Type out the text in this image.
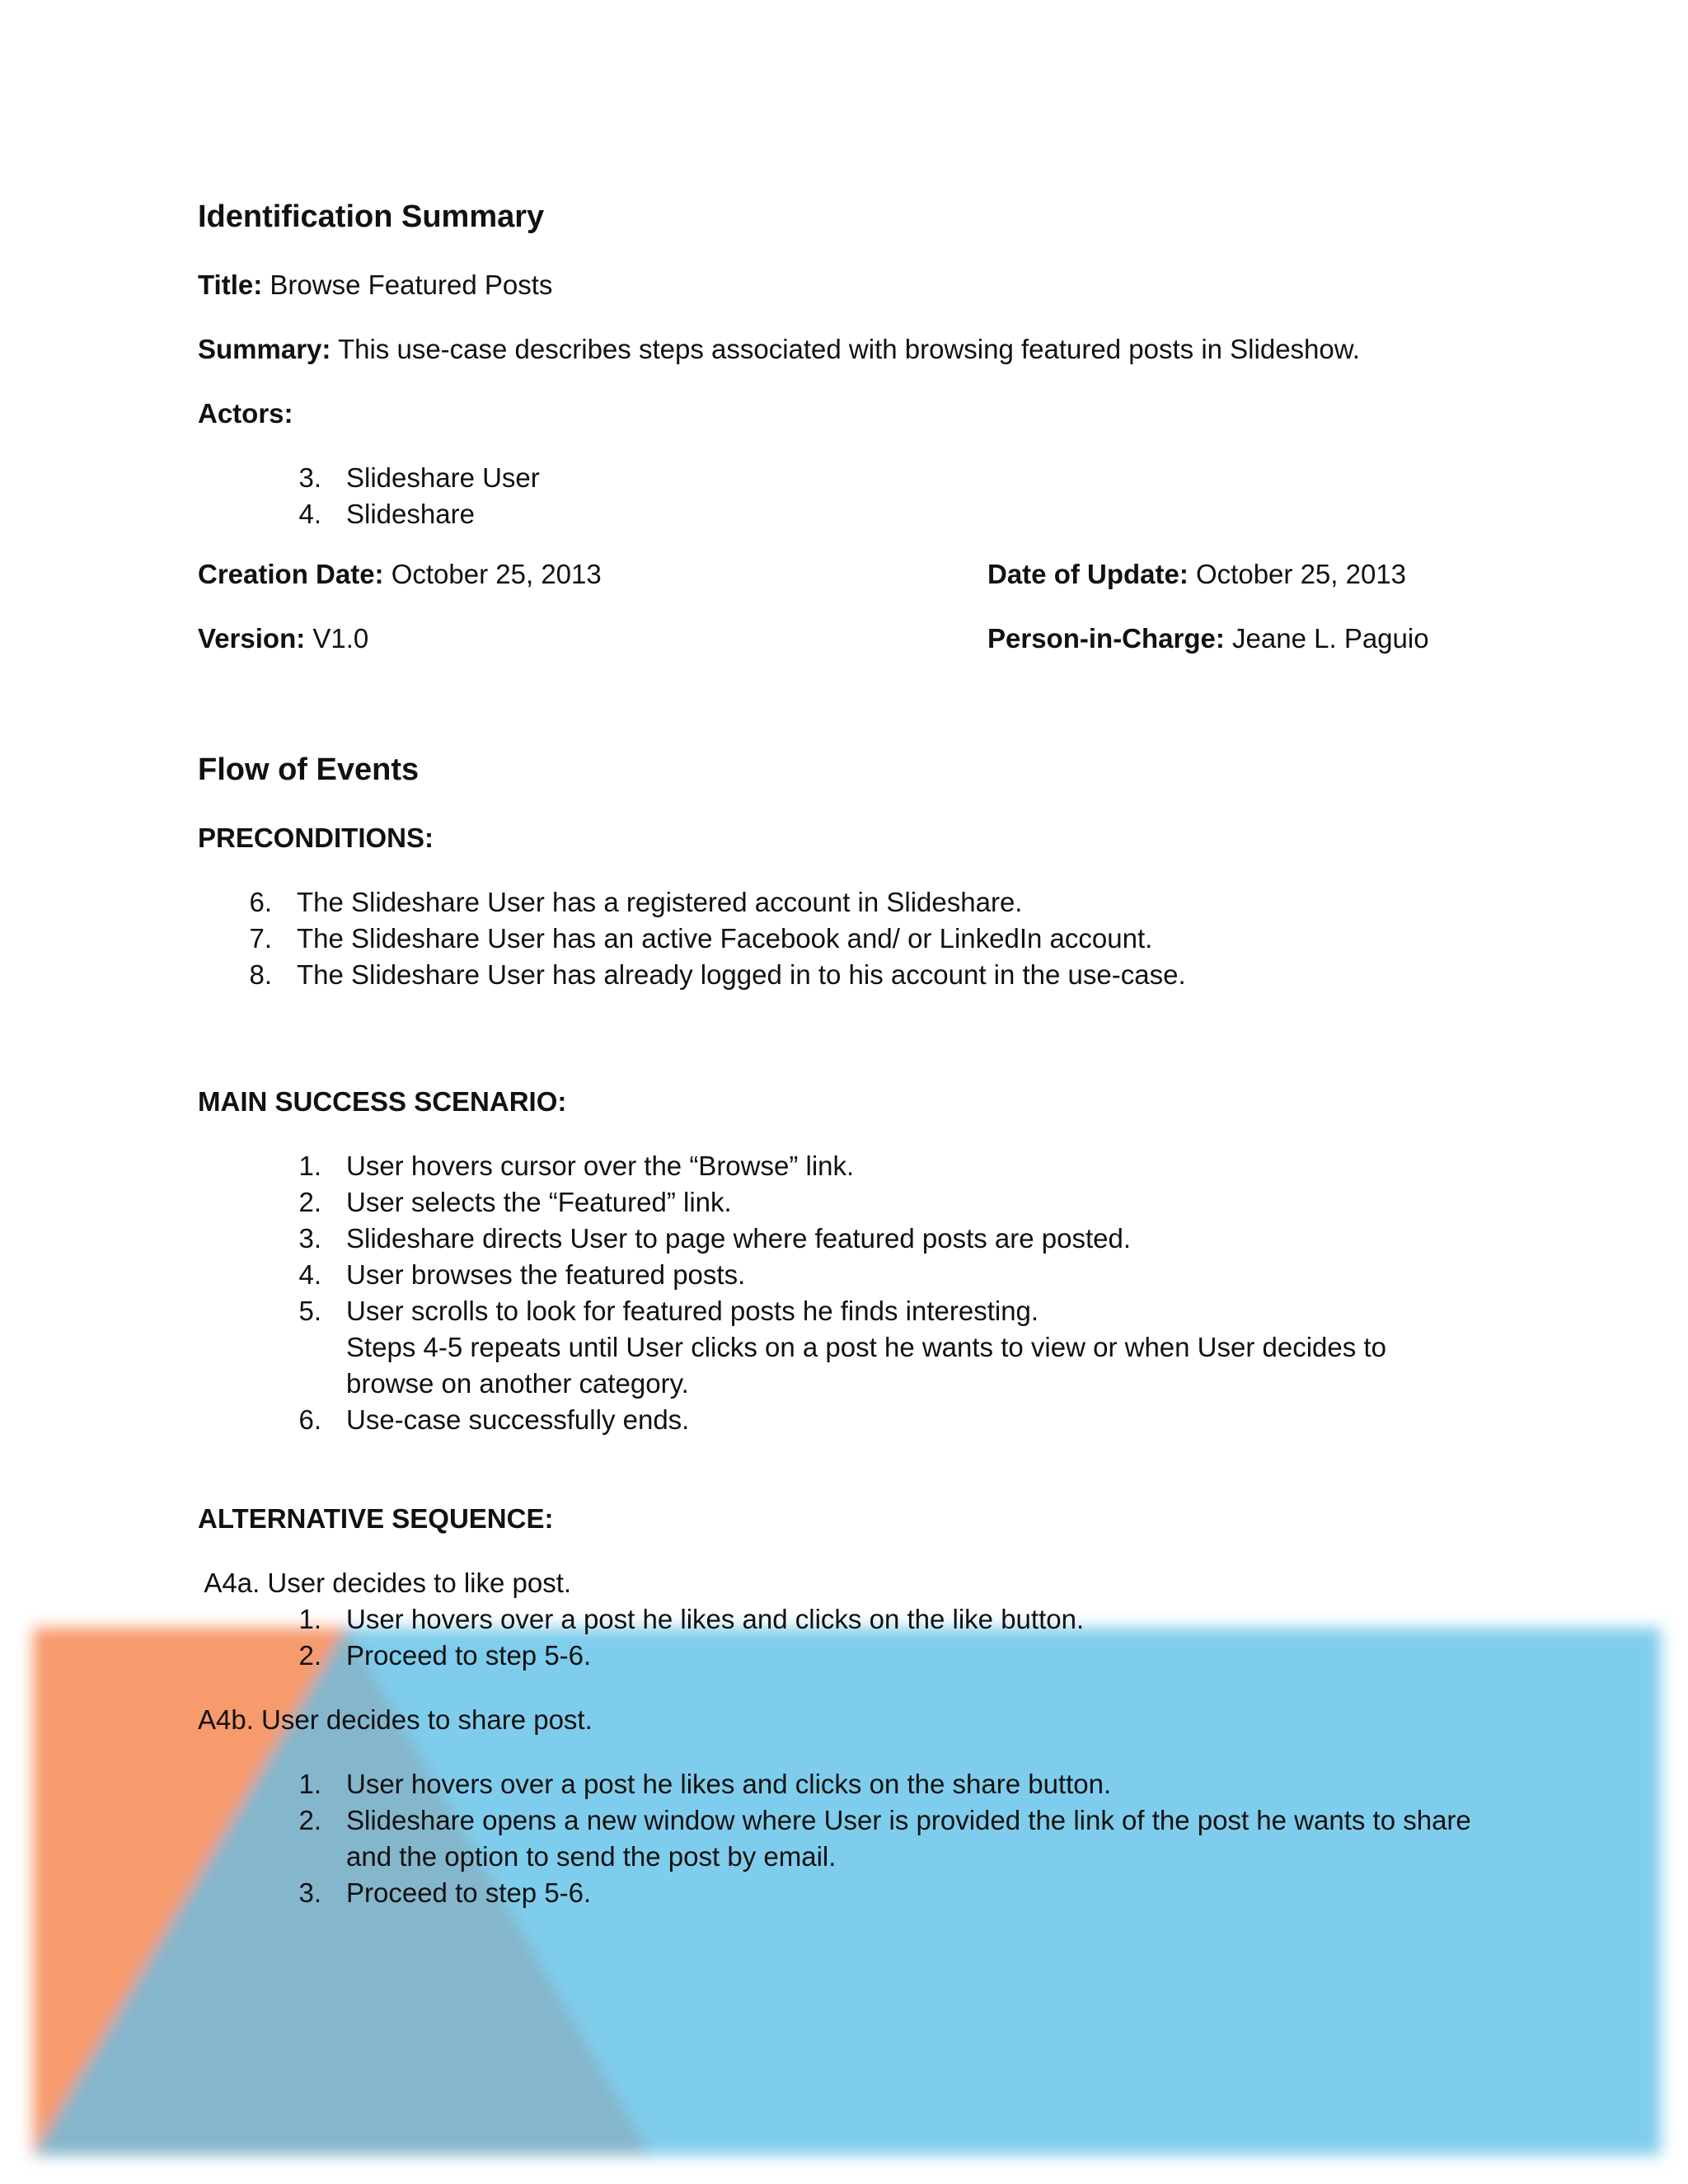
Identification Summary
Title: Browse Featured Posts
Summary: This use-case describes steps associated with browsing featured posts in Slideshow.
Actors:
3. Slideshare User
4. Slideshare
Creation Date: October 25, 2013	Date of Update: October 25, 2013
Version: V1.0	Person-in-Charge: Jeane L. Paguio
Flow of Events
PRECONDITIONS:
6. The Slideshare User has a registered account in Slideshare.
7. The Slideshare User has an active Facebook and/ or LinkedIn account.
8. The Slideshare User has already logged in to his account in the use-case.
MAIN SUCCESS SCENARIO:
1. User hovers cursor over the “Browse” link.
2. User selects the “Featured” link.
3. Slideshare directs User to page where featured posts are posted.
4. User browses the featured posts.
5. User scrolls to look for featured posts he finds interesting.
Steps 4-5 repeats until User clicks on a post he wants to view or when User decides to
browse on another category.
6. Use-case successfully ends.
ALTERNATIVE SEQUENCE:
A4a. User decides to like post.
1. User hovers over a post he likes and clicks on the like button.
2. Proceed to step 5-6.
A4b. User decides to share post.
1. User hovers over a post he likes and clicks on the share button.
2. Slideshare opens a new window where User is provided the link of the post he wants to share
and the option to send the post by email.
3. Proceed to step 5-6.
